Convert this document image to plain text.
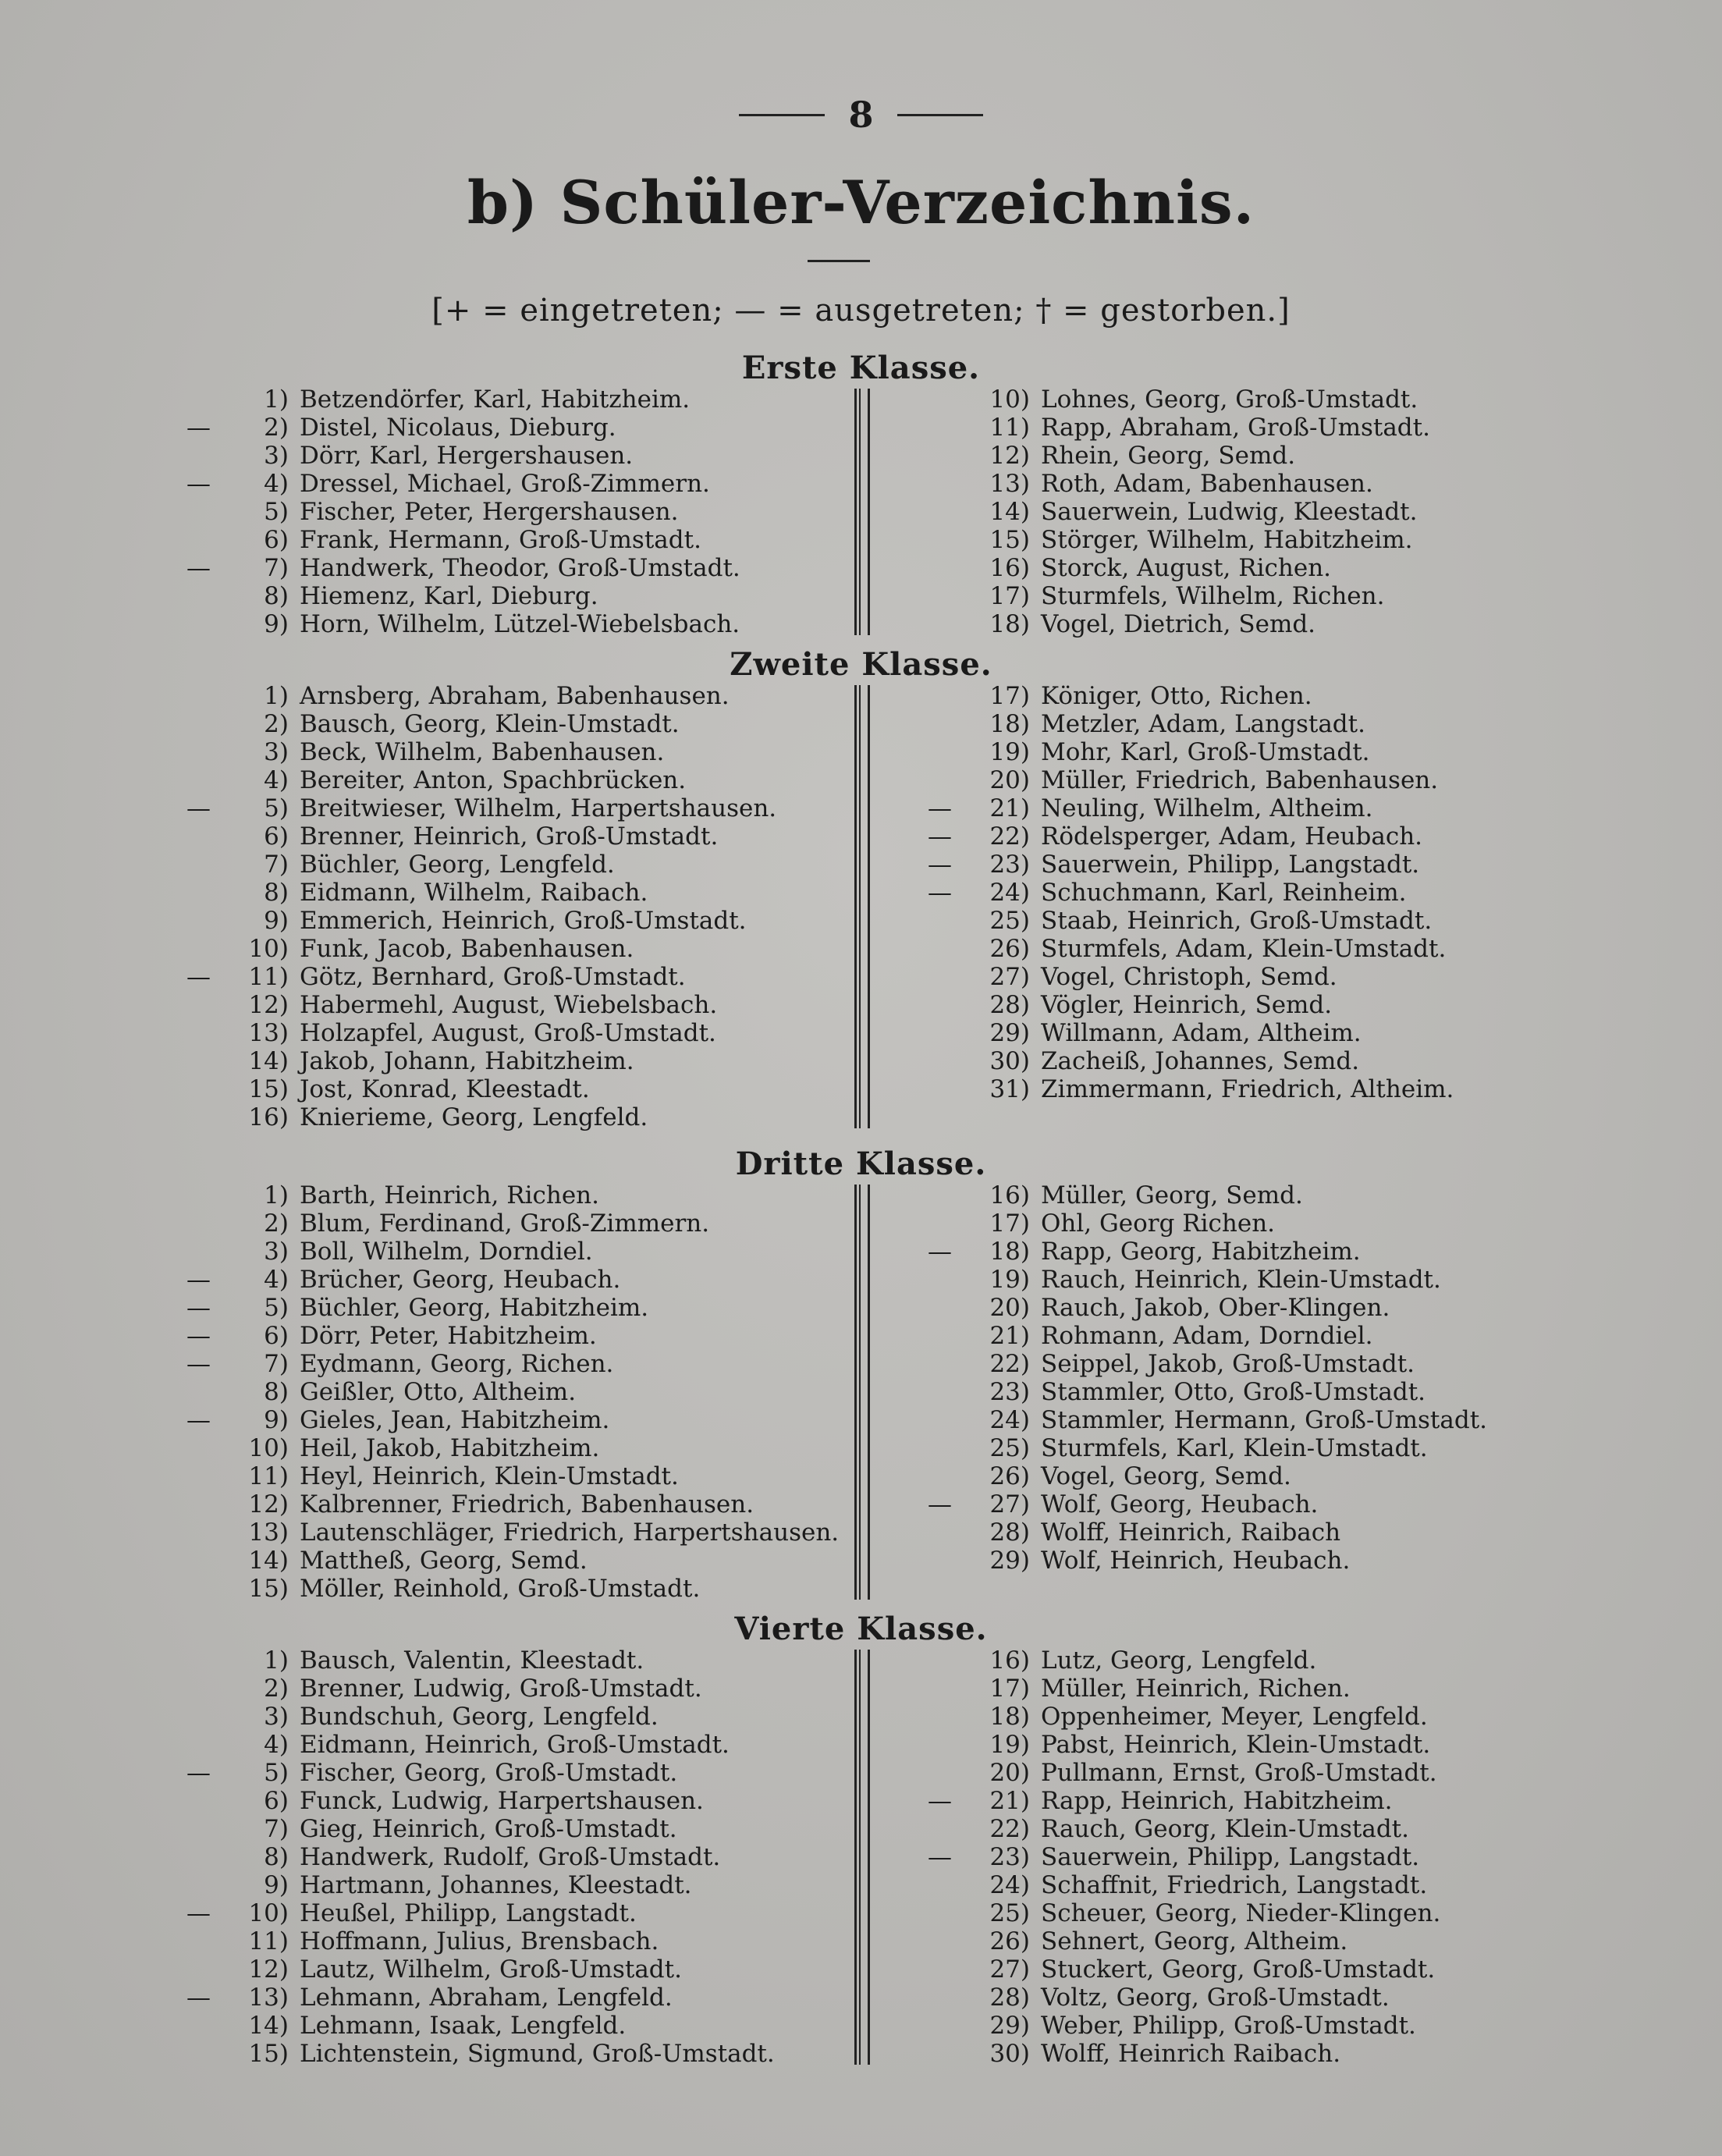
8
b) Schüler-Verzeichnis.
[+ = eingetreten; — = ausgetreten; † = gestorben.]
Erste Klasse.
1) Betzendörfer, Karl, Habitzheim.
—	2) Distel, Nicolaus, Dieburg.
3) Dörr, Karl, Hergershausen.
—	4) Dressel, Michael, Groß-Zimmern.
5) Fischer, Peter, Hergershausen.
6) Frank, Hermann, Groß-Umstadt.
—	7) Handwerk, Theodor, Groß-Umstadt.
8) Hiemenz, Karl, Dieburg.
9) Horn, Wilhelm, Lützel-Wiebelsbach.
10) Lohnes, Georg, Groß-Umstadt.
11) Rapp, Abraham, Groß-Umstadt.
12) Rhein, Georg, Semd.
13) Roth, Adam, Babenhausen.
14) Sauerwein, Ludwig, Kleestadt.
15) Störger, Wilhelm, Habitzheim.
16) Storck, August, Richen.
17) Sturmfels, Wilhelm, Richen.
18) Vogel, Dietrich, Semd.
Zweite Klasse.
1) Arnsberg, Abraham, Babenhausen.
2) Bausch, Georg, Klein-Umstadt.
3) Beck, Wilhelm, Babenhausen.
4) Bereiter, Anton, Spachbrücken.
—	5) Breitwieser, Wilhelm, Harpertshausen.
6) Brenner, Heinrich, Groß-Umstadt.
7) Büchler, Georg, Lengfeld.
8) Eidmann, Wilhelm, Raibach.
9) Emmerich, Heinrich, Groß-Umstadt.
10) Funk, Jacob, Babenhausen.
—	11) Götz, Bernhard, Groß-Umstadt.
12) Habermehl, August, Wiebelsbach.
13) Holzapfel, August, Groß-Umstadt.
14) Jakob, Johann, Habitzheim.
15) Jost, Konrad, Kleestadt.
16) Knierieme, Georg, Lengfeld.
17) Königer, Otto, Richen.
18) Metzler, Adam, Langstadt.
19) Mohr, Karl, Groß-Umstadt.
20) Müller, Friedrich, Babenhausen.
—	21) Neuling, Wilhelm, Altheim.
—	22) Rödelsperger, Adam, Heubach.
—	23) Sauerwein, Philipp, Langstadt.
—	24) Schuchmann, Karl, Reinheim.
25) Staab, Heinrich, Groß-Umstadt.
26) Sturmfels, Adam, Klein-Umstadt.
27) Vogel, Christoph, Semd.
28) Vögler, Heinrich, Semd.
29) Willmann, Adam, Altheim.
30) Zacheiß, Johannes, Semd.
31) Zimmermann, Friedrich, Altheim.
Dritte Klasse.
1) Barth, Heinrich, Richen.
2) Blum, Ferdinand, Groß-Zimmern.
3) Boll, Wilhelm, Dorndiel.
—	4) Brücher, Georg, Heubach.
—	5) Büchler, Georg, Habitzheim.
—	6) Dörr, Peter, Habitzheim.
—	7) Eydmann, Georg, Richen.
8) Geißler, Otto, Altheim.
—	9) Gieles, Jean, Habitzheim.
10) Heil, Jakob, Habitzheim.
11) Heyl, Heinrich, Klein-Umstadt.
12) Kalbrenner, Friedrich, Babenhausen.
13) Lautenschläger, Friedrich, Harpertshausen.
14) Mattheß, Georg, Semd.
15) Möller, Reinhold, Groß-Umstadt.
16) Müller, Georg, Semd.
17) Ohl, Georg Richen.
—	18) Rapp, Georg, Habitzheim.
19) Rauch, Heinrich, Klein-Umstadt.
20) Rauch, Jakob, Ober-Klingen.
21) Rohmann, Adam, Dorndiel.
22) Seippel, Jakob, Groß-Umstadt.
23) Stammler, Otto, Groß-Umstadt.
24) Stammler, Hermann, Groß-Umstadt.
25) Sturmfels, Karl, Klein-Umstadt.
26) Vogel, Georg, Semd.
—	27) Wolf, Georg, Heubach.
28) Wolff, Heinrich, Raibach
29) Wolf, Heinrich, Heubach.
Vierte Klasse.
1) Bausch, Valentin, Kleestadt.
2) Brenner, Ludwig, Groß-Umstadt.
3) Bundschuh, Georg, Lengfeld.
4) Eidmann, Heinrich, Groß-Umstadt.
—	5) Fischer, Georg, Groß-Umstadt.
6) Funck, Ludwig, Harpertshausen.
7) Gieg, Heinrich, Groß-Umstadt.
8) Handwerk, Rudolf, Groß-Umstadt.
9) Hartmann, Johannes, Kleestadt.
—	10) Heußel, Philipp, Langstadt.
11) Hoffmann, Julius, Brensbach.
12) Lautz, Wilhelm, Groß-Umstadt.
—	13) Lehmann, Abraham, Lengfeld.
14) Lehmann, Isaak, Lengfeld.
15) Lichtenstein, Sigmund, Groß-Umstadt.
16) Lutz, Georg, Lengfeld.
17) Müller, Heinrich, Richen.
18) Oppenheimer, Meyer, Lengfeld.
19) Pabst, Heinrich, Klein-Umstadt.
20) Pullmann, Ernst, Groß-Umstadt.
—	21) Rapp, Heinrich, Habitzheim.
22) Rauch, Georg, Klein-Umstadt.
—	23) Sauerwein, Philipp, Langstadt.
24) Schaffnit, Friedrich, Langstadt.
25) Scheuer, Georg, Nieder-Klingen.
26) Sehnert, Georg, Altheim.
27) Stuckert, Georg, Groß-Umstadt.
28) Voltz, Georg, Groß-Umstadt.
29) Weber, Philipp, Groß-Umstadt.
30) Wolff, Heinrich Raibach.
